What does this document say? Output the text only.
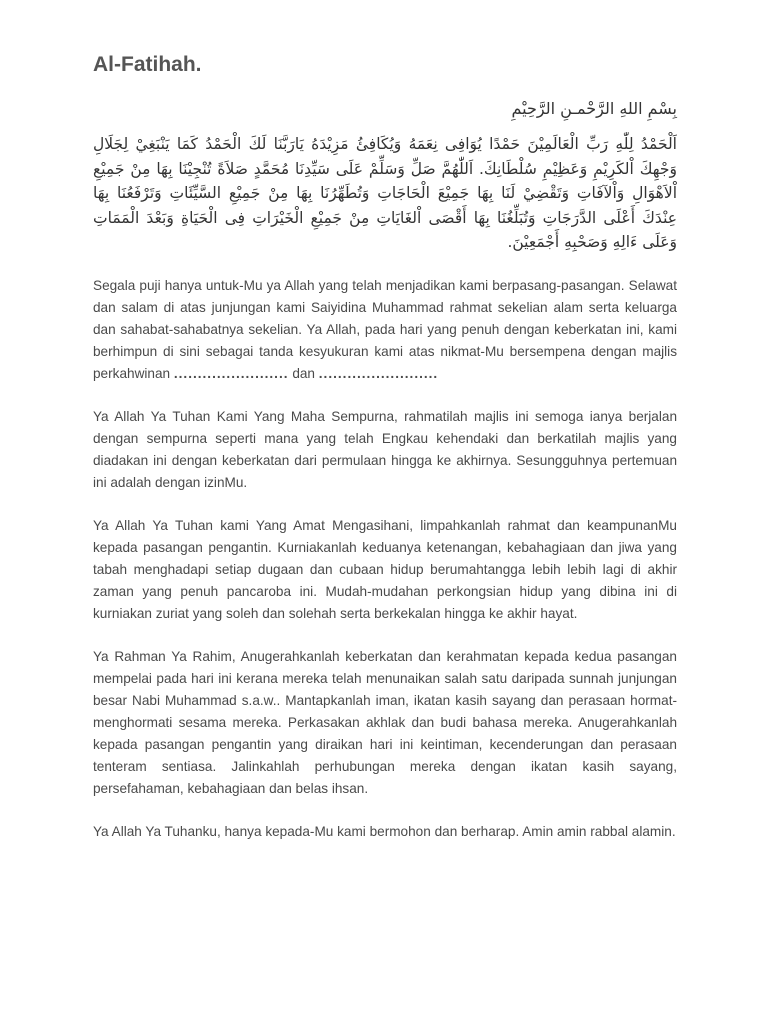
Al-Fatihah.
بِسْمِ اللهِ الرَّحْمـنِ الرَّحِيْمِ
اَلْحَمْدُ لِلّٰهِ رَبِّ الْعَالَمِيْنَ حَمْدًا يُوَافِى نِعَمَهُ وَيُكَافِئُ مَزِيْدَهُ يَارَبَّنَا لَكَ الْحَمْدُ كَمَا يَنْبَغِيْ لِجَلَالِ وَجْهِكَ اْلكَرِيْمِ وَعَظِيْمِ سُلْطَانِكَ. اَللّٰهُمَّ صَلِّ وَسَلِّمْ عَلَى سَيِّدِنَا مُحَمَّدٍ صَلاَةً تُنْجِيْنَا بِهَا مِنْ جَمِيْعِ اْلاَهْوَالِ وَاْلآفَاتِ وَتَقْضِيْ لَنَا بِهَا جَمِيْعَ الْحَاجَاتِ وَتُطَهِّرُنَا بِهَا مِنْ جَمِيْعِ السَّيِّئَاتِ وَتَرْفَعُنَا بِهَا عِنْدَكَ أَعْلَى الدَّرَجَاتِ وَتُبَلِّغُنَا بِهَا أَقْصَى اْلغَايَاتِ مِنْ جَمِيْعِ الْخَيْرَاتِ فِى الْحَيَاةِ وَبَعْدَ الْمَمَاتِ وَعَلَى ءَالِهِ وَصَحْبِهِ أَجْمَعِيْنَ.

Segala puji hanya untuk-Mu ya Allah yang telah menjadikan kami berpasang-pasangan. Selawat dan salam di atas junjungan kami Saiyidina Muhammad rahmat sekelian alam serta keluarga dan sahabat-sahabatnya sekelian. Ya Allah, pada hari yang penuh dengan keberkatan ini, kami berhimpun di sini sebagai tanda kesyukuran kami atas nikmat-Mu bersempena dengan majlis perkahwinan ........................ dan .........................

Ya Allah Ya Tuhan Kami Yang Maha Sempurna, rahmatilah majlis ini semoga ianya berjalan dengan sempurna seperti mana yang telah Engkau kehendaki dan berkatilah majlis yang diadakan ini dengan keberkatan dari permulaan hingga ke akhirnya. Sesungguhnya pertemuan ini adalah dengan izinMu.

Ya Allah Ya Tuhan kami Yang Amat Mengasihani, limpahkanlah rahmat dan keampunanMu kepada pasangan pengantin. Kurniakanlah keduanya ketenangan, kebahagiaan dan jiwa yang tabah menghadapi setiap dugaan dan cubaan hidup berumahtangga lebih lebih lagi di akhir zaman yang penuh pancaroba ini. Mudah-mudahan perkongsian hidup yang dibina ini di kurniakan zuriat yang soleh dan solehah serta berkekalan hingga ke akhir hayat.

Ya Rahman Ya Rahim, Anugerahkanlah keberkatan dan kerahmatan kepada kedua pasangan mempelai pada hari ini kerana mereka telah menunaikan salah satu daripada sunnah junjungan besar Nabi Muhammad s.a.w.. Mantapkanlah iman, ikatan kasih sayang dan perasaan hormat-menghormati sesama mereka. Perkasakan akhlak dan budi bahasa mereka. Anugerahkanlah kepada pasangan pengantin yang diraikan hari ini keintiman, kecenderungan dan perasaan tenteram sentiasa. Jalinkahlah perhubungan mereka dengan ikatan kasih sayang, persefahaman, kebahagiaan dan belas ihsan.

Ya Allah Ya Tuhanku, hanya kepada-Mu kami bermohon dan berharap. Amin amin rabbal alamin.
